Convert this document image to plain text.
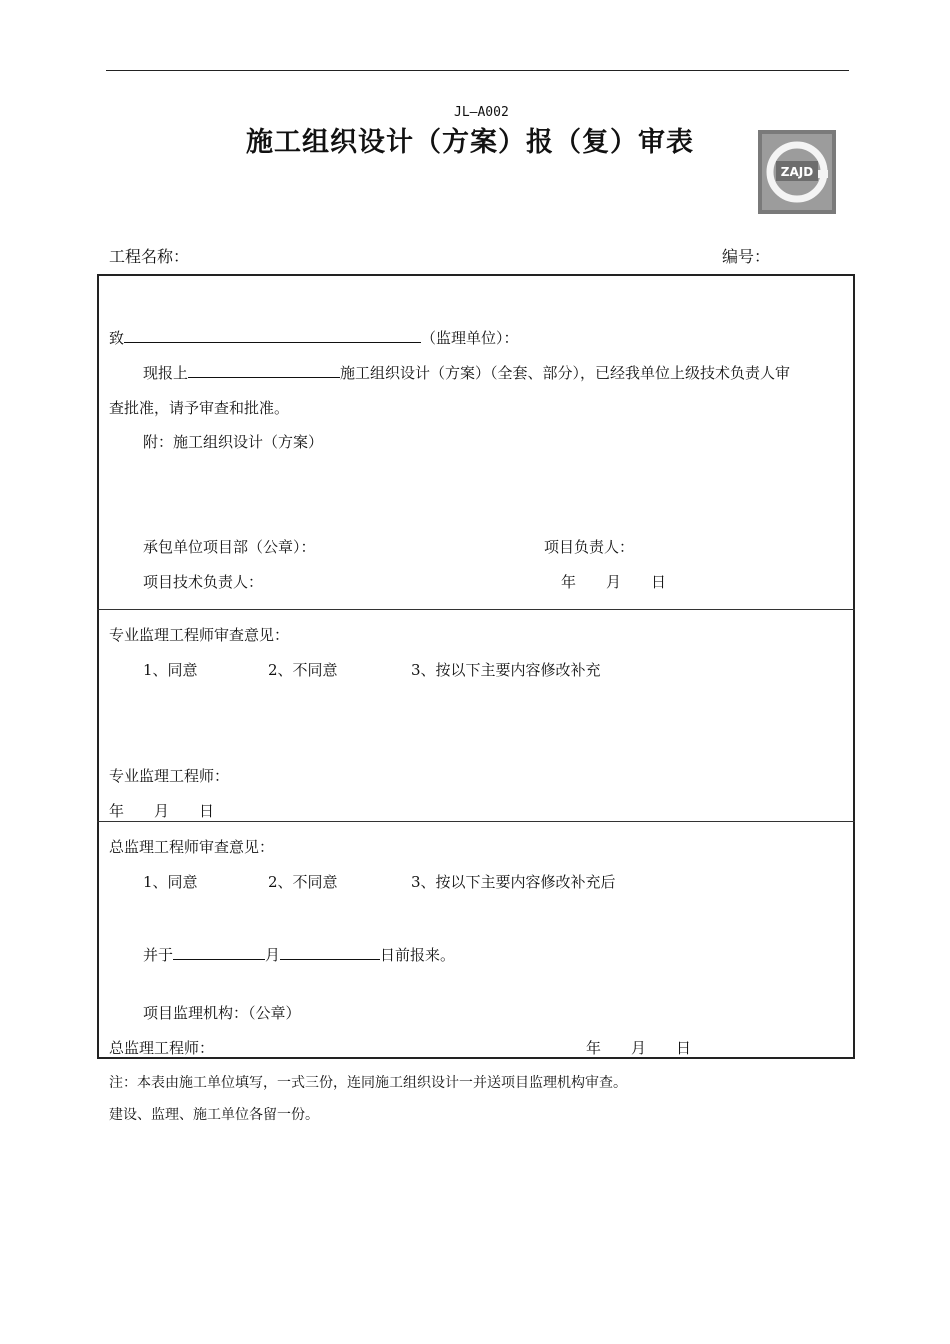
JL—A002
施工组织设计（方案）报（复）审表
ZAJD
工程名称：	编号：
致	（监理单位）：
现报上	施工组织设计（方案）（全套、部分），已经我单位上级技术负责人审
查批准，请予审查和批准。
附：施工组织设计（方案）
承包单位项目部（公章）：	项目负责人：
项目技术负责人：	年　　月　　日
专业监理工程师审查意见：
1、同意	2、不同意	3、按以下主要内容修改补充
专业监理工程师：
年　　月　　日
总监理工程师审查意见：
1、同意	2、不同意	3、按以下主要内容修改补充后
并于	月	日前报来。
项目监理机构：（公章）
总监理工程师：	年　　月　　日
注：本表由施工单位填写，一式三份，连同施工组织设计一并送项目监理机构审查。
建设、监理、施工单位各留一份。
